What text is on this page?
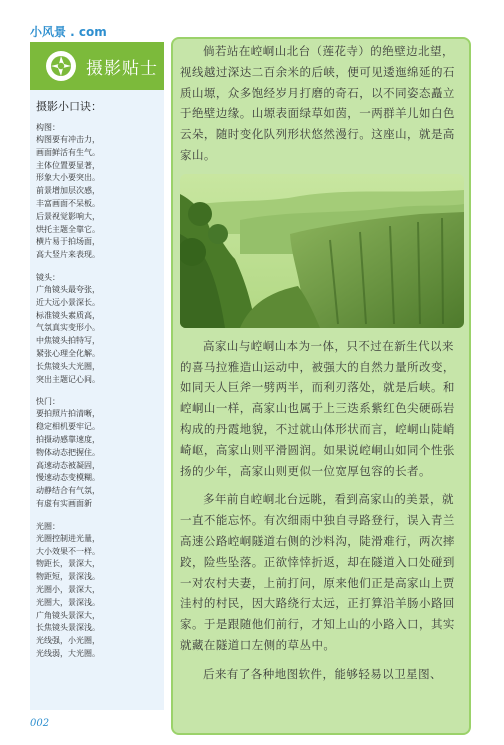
小风景 . com
摄影贴士
摄影小口诀：
构图：
构图要有冲击力，
画面鲜活有生气。
主体位置要显著，
形象大小要突出。
前景增加层次感，
丰富画面不呆板。
后景视觉影响大，
烘托主题全靠它。
横片易于拍场面，
高大竖片来表现。
镜头：
广角镜头最夸张，
近大远小景深长。
标准镜头素质高，
气氛真实变形小。
中焦镜头拍特写，
紧张心理全化解。
长焦镜头大光圈，
突出主题记心间。
快门：
要拍照片拍清晰，
稳定相机要牢记。
拍摄动感靠速度，
物体动态把握住。
高速动态被凝固，
慢速动态变模糊。
动静结合有气氛，
有虚有实画面新
光圈：
光圈控制进光量，
大小效果不一样。
物距长，景深大，
物距短，景深浅。
光圈小，景深大，
光圈大，景深浅。
广角镜头景深大，
长焦镜头景深浅。
光线强，小光圈，
光线弱，大光圈。
002

倘若站在崆峒山北台（莲花寺）的绝壁边北望，视线越过深达二百余米的后峡，便可见逶迤绵延的石质山塬，众多饱经岁月打磨的奇石，以不同姿态矗立于绝壁边缘。山塬表面绿草如茵，一两群羊儿如白色云朵，随时变化队列形状悠然漫行。这座山，就是高家山。

高家山与崆峒山本为一体，只不过在新生代以来的喜马拉雅造山运动中，被强大的自然力量所改变，如同天人巨斧一劈两半，而利刃落处，就是后峡。和崆峒山一样，高家山也属于上三迭系紫红色尖硬砾岩构成的丹霞地貌，不过就山体形状而言，崆峒山陡峭崎岖，高家山则平滑圆润。如果说崆峒山如同个性张扬的少年，高家山则更似一位宽厚包容的长者。

多年前自崆峒北台远眺，看到高家山的美景，就一直不能忘怀。有次细雨中独自寻路登行，误入青兰高速公路崆峒隧道右侧的沙料沟，陡滑难行，两次摔跤，险些坠落。正欲悻悻折返，却在隧道入口处碰到一对农村夫妻，上前打问，原来他们正是高家山上贾洼村的村民，因大路绕行太远，正打算沿羊肠小路回家。于是跟随他们前行，才知上山的小路入口，其实就藏在隧道口左侧的草丛中。

后来有了各种地图软件，能够轻易以卫星图、
